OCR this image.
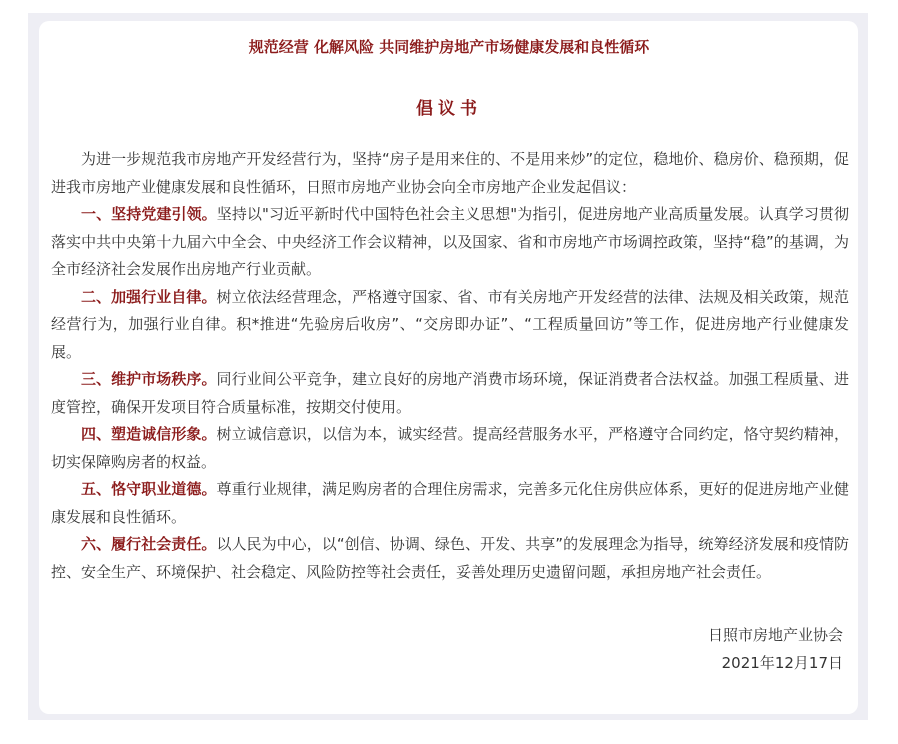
规范经营 化解风险 共同维护房地产市场健康发展和良性循环
倡议书

为进一步规范我市房地产开发经营行为，坚持“房子是用来住的、不是用来炒”的定位，稳地价、稳房价、稳预期，促进我市房地产业健康发展和良性循环，日照市房地产业协会向全市房地产企业发起倡议：

一、坚持党建引领。坚持以"习近平新时代中国特色社会主义思想"为指引，促进房地产业高质量发展。认真学习贯彻落实中共中央第十九届六中全会、中央经济工作会议精神，以及国家、省和市房地产市场调控政策，坚持“稳”的基调，为全市经济社会发展作出房地产行业贡献。

二、加强行业自律。树立依法经营理念，严格遵守国家、省、市有关房地产开发经营的法律、法规及相关政策，规范经营行为，加强行业自律。积*推进“先验房后收房”、“交房即办证”、“工程质量回访”等工作，促进房地产行业健康发展。

三、维护市场秩序。同行业间公平竞争，建立良好的房地产消费市场环境，保证消费者合法权益。加强工程质量、进度管控，确保开发项目符合质量标准，按期交付使用。

四、塑造诚信形象。树立诚信意识，以信为本，诚实经营。提高经营服务水平，严格遵守合同约定，恪守契约精神，切实保障购房者的权益。

五、恪守职业道德。尊重行业规律，满足购房者的合理住房需求，完善多元化住房供应体系，更好的促进房地产业健康发展和良性循环。

六、履行社会责任。以人民为中心，以“创信、协调、绿色、开发、共享”的发展理念为指导，统筹经济发展和疫情防控、安全生产、环境保护、社会稳定、风险防控等社会责任，妥善处理历史遗留问题，承担房地产社会责任。

日照市房地产业协会
2021年12月17日
